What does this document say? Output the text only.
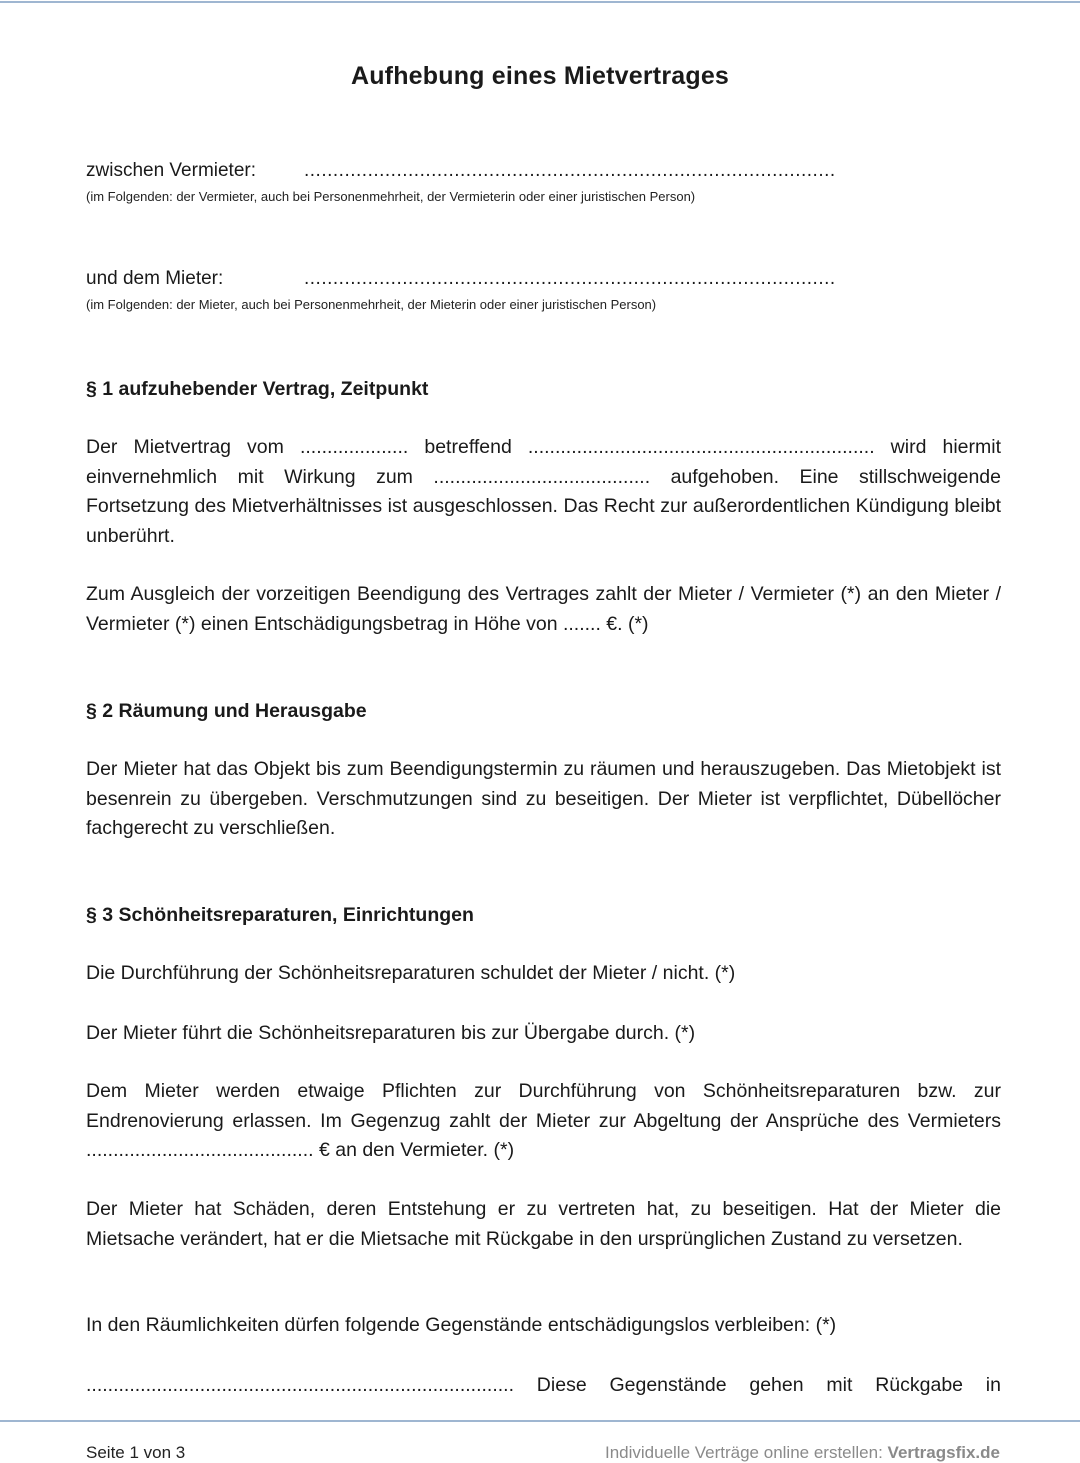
Aufhebung eines Mietvertrages
zwischen Vermieter:	............................................................................................
(im Folgenden: der Vermieter, auch bei Personenmehrheit, der Vermieterin oder einer juristischen Person)
und dem Mieter:	............................................................................................
(im Folgenden: der Mieter, auch bei Personenmehrheit, der Mieterin oder einer juristischen Person)
§ 1 aufzuhebender Vertrag, Zeitpunkt
Der Mietvertrag vom .................... betreffend ................................................................ wird hiermit einvernehmlich mit Wirkung zum ........................................ aufgehoben. Eine stillschweigende Fortsetzung des Mietverhältnisses ist ausgeschlossen. Das Recht zur außerordentlichen Kündigung bleibt unberührt.
Zum Ausgleich der vorzeitigen Beendigung des Vertrages zahlt der Mieter / Vermieter (*) an den Mieter / Vermieter (*) einen Entschädigungsbetrag in Höhe von ....... €. (*)
§ 2 Räumung und Herausgabe
Der Mieter hat das Objekt bis zum Beendigungstermin zu räumen und herauszugeben. Das Mietobjekt ist besenrein zu übergeben. Verschmutzungen sind zu beseitigen. Der Mieter ist verpflichtet, Dübellöcher fachgerecht zu verschließen.
§ 3 Schönheitsreparaturen, Einrichtungen
Die Durchführung der Schönheitsreparaturen schuldet der Mieter / nicht. (*)
Der Mieter führt die Schönheitsreparaturen bis zur Übergabe durch. (*)
Dem Mieter werden etwaige Pflichten zur Durchführung von Schönheitsreparaturen bzw. zur Endrenovierung erlassen. Im Gegenzug zahlt der Mieter zur Abgeltung der Ansprüche des Vermieters .......................................... € an den Vermieter. (*)
Der Mieter hat Schäden, deren Entstehung er zu vertreten hat, zu beseitigen. Hat der Mieter die Mietsache verändert, hat er die Mietsache mit Rückgabe in den ursprünglichen Zustand zu versetzen.
In den Räumlichkeiten dürfen folgende Gegenstände entschädigungslos verbleiben: (*)
............................................................................... Diese Gegenstände gehen mit Rückgabe in
Seite 1 von 3	Individuelle Verträge online erstellen: Vertragsfix.de
